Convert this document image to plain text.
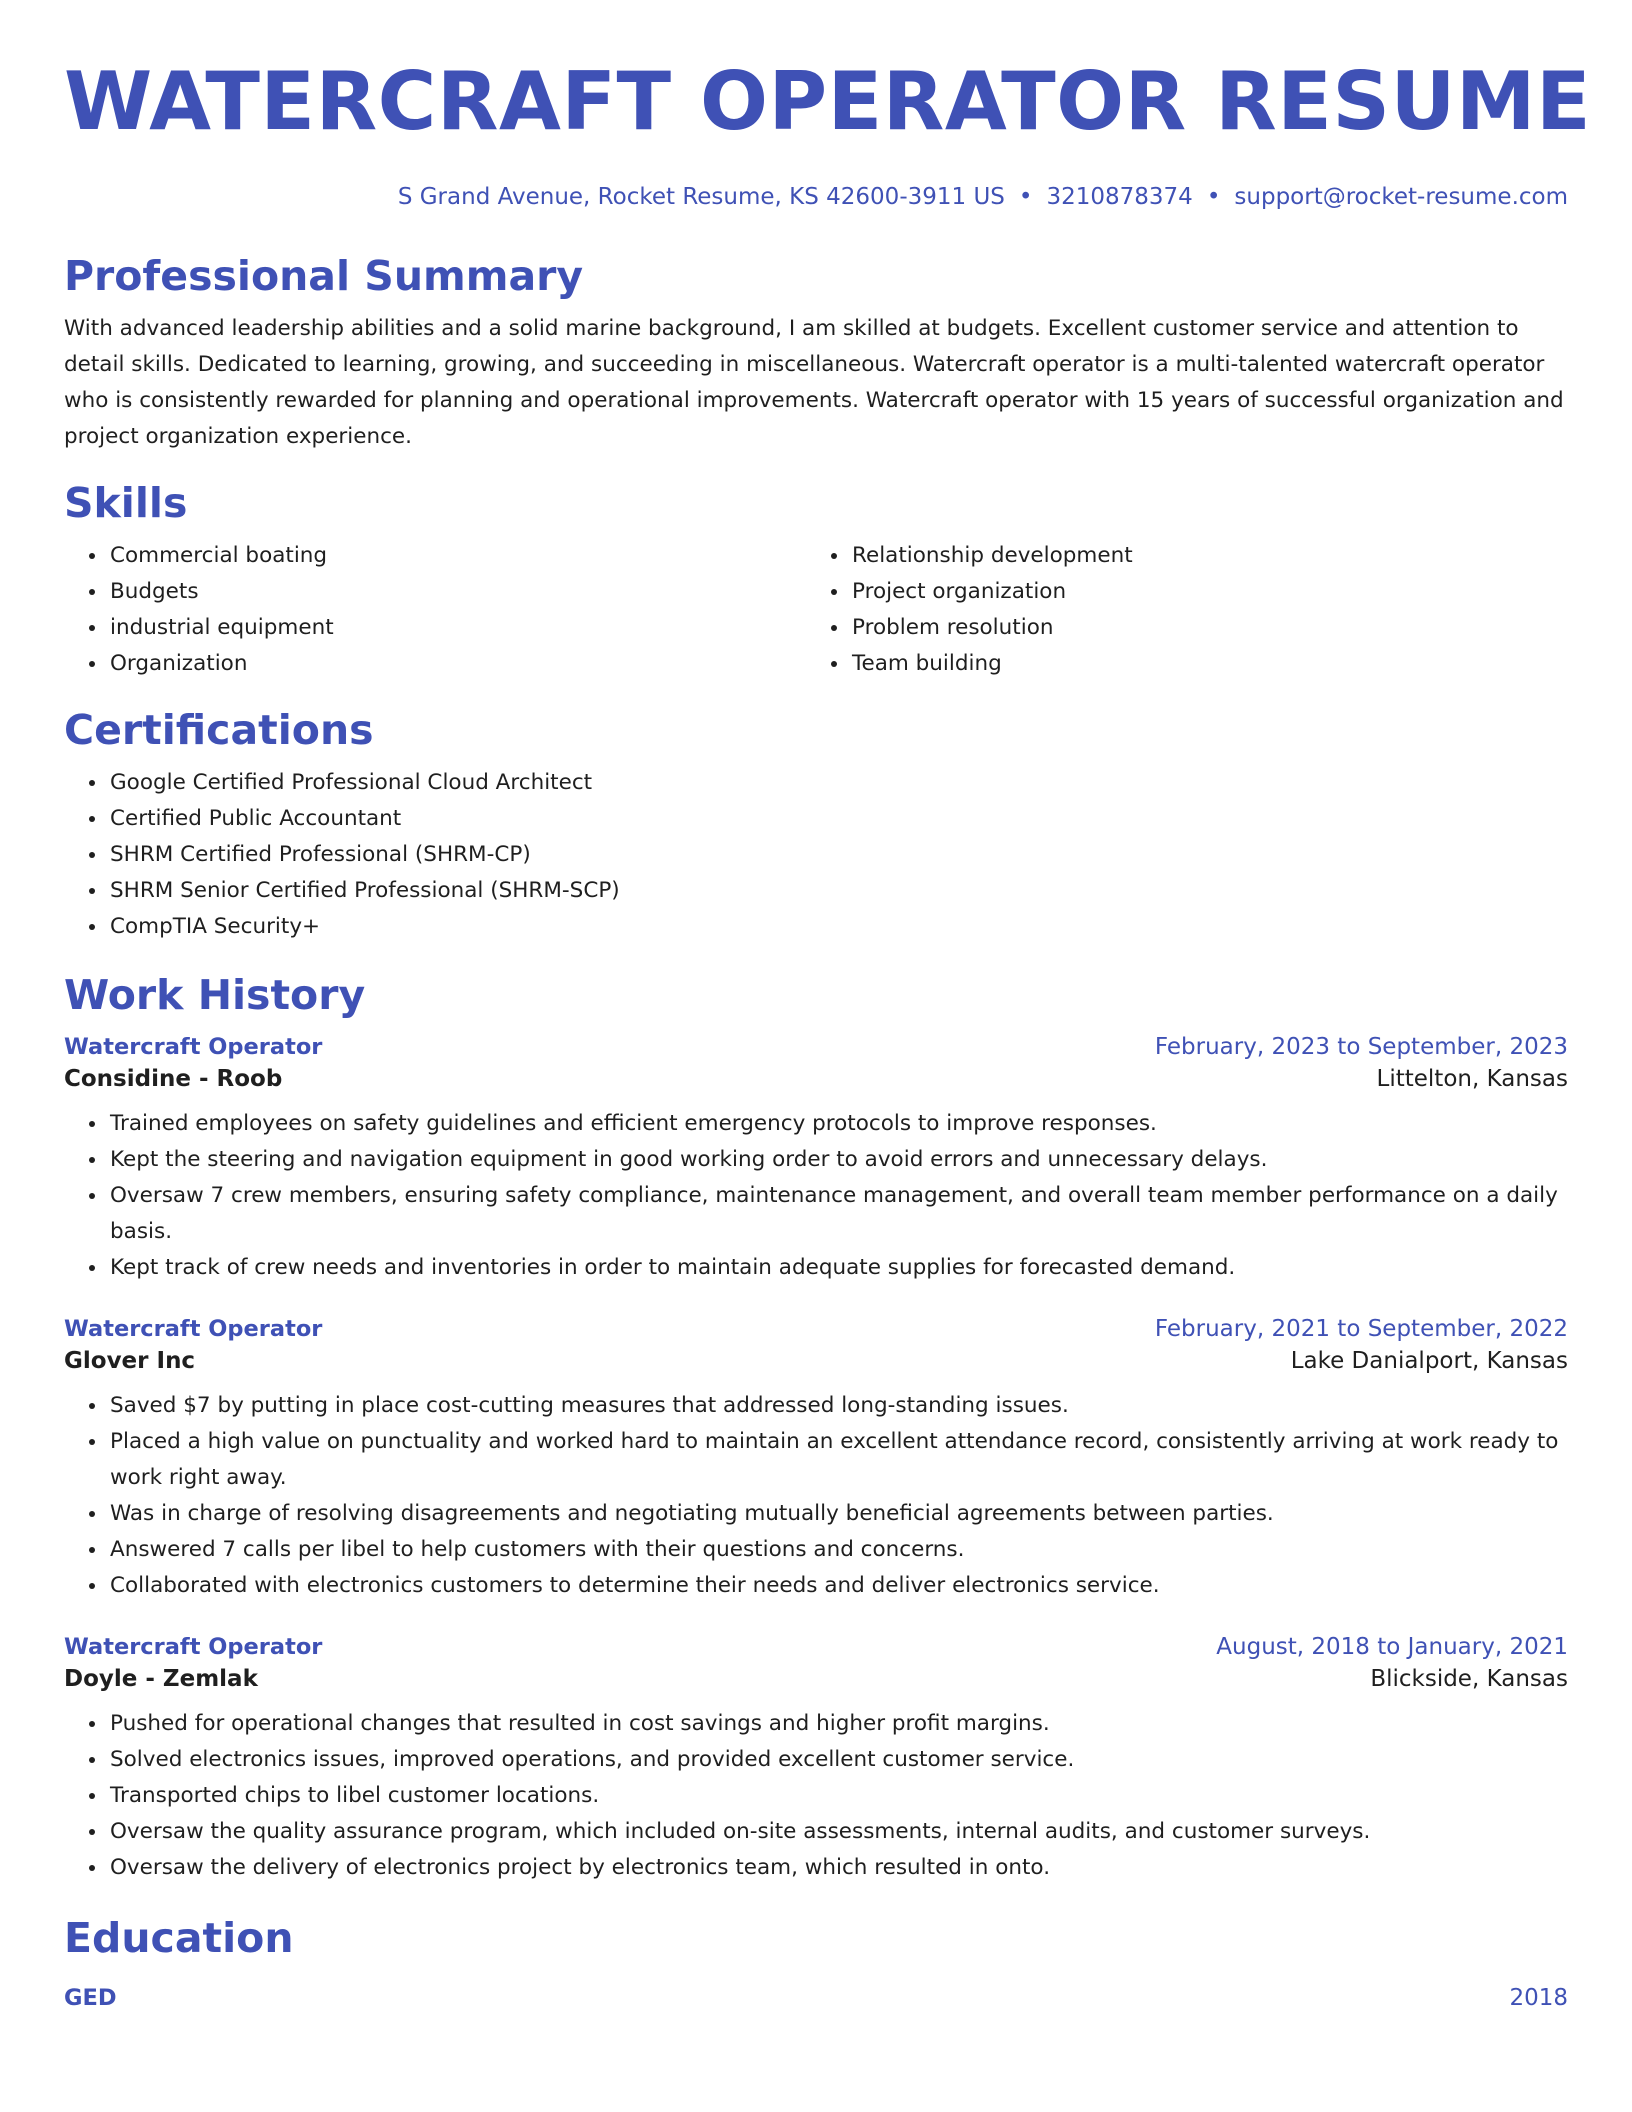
WATERCRAFT OPERATOR RESUME
S Grand Avenue, Rocket Resume, KS 42600-3911 US • 3210878374 • support@rocket-resume.com
Professional Summary

With advanced leadership abilities and a solid marine background, I am skilled at budgets. Excellent customer service and attention to detail skills. Dedicated to learning, growing, and succeeding in miscellaneous. Watercraft operator is a multi-talented watercraft operator who is consistently rewarded for planning and operational improvements. Watercraft operator with 15 years of successful organization and project organization experience.

Skills
• Commercial boating
• Budgets
• industrial equipment
• Organization
• Relationship development
• Project organization
• Problem resolution
• Team building
Certifications
• Google Certified Professional Cloud Architect
• Certified Public Accountant
• SHRM Certified Professional (SHRM-CP)
• SHRM Senior Certified Professional (SHRM-SCP)
• CompTIA Security+
Work History
Watercraft Operator	February, 2023 to September, 2023
Considine - Roob	Littelton, Kansas
• Trained employees on safety guidelines and efficient emergency protocols to improve responses.
• Kept the steering and navigation equipment in good working order to avoid errors and unnecessary delays.
• Oversaw 7 crew members, ensuring safety compliance, maintenance management, and overall team member performance on a daily basis.
• Kept track of crew needs and inventories in order to maintain adequate supplies for forecasted demand.
Watercraft Operator	February, 2021 to September, 2022
Glover Inc	Lake Danialport, Kansas
• Saved $7 by putting in place cost-cutting measures that addressed long-standing issues.
• Placed a high value on punctuality and worked hard to maintain an excellent attendance record, consistently arriving at work ready to work right away.
• Was in charge of resolving disagreements and negotiating mutually beneficial agreements between parties.
• Answered 7 calls per libel to help customers with their questions and concerns.
• Collaborated with electronics customers to determine their needs and deliver electronics service.
Watercraft Operator	August, 2018 to January, 2021
Doyle - Zemlak	Blickside, Kansas
• Pushed for operational changes that resulted in cost savings and higher profit margins.
• Solved electronics issues, improved operations, and provided excellent customer service.
• Transported chips to libel customer locations.
• Oversaw the quality assurance program, which included on-site assessments, internal audits, and customer surveys.
• Oversaw the delivery of electronics project by electronics team, which resulted in onto.
Education
GED	2018
